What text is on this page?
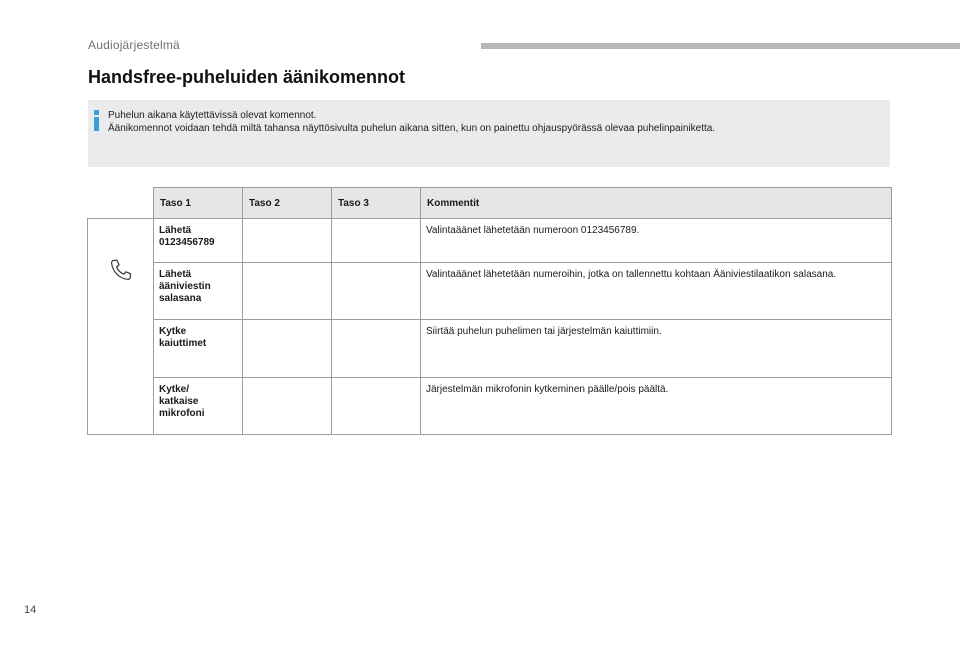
Audiojärjestelmä
Handsfree-puheluiden äänikomennot
Puhelun aikana käytettävissä olevat komennot.
Äänikomennot voidaan tehdä miltä tahansa näyttösivulta puhelun aikana sitten, kun on painettu ohjauspyörässä olevaa puhelinpainiketta.
	Taso 1	Taso 2	Taso 3	Kommentit

Lähetä
0123456789			Valintaäänet lähetetään numeroon 0123456789.

	Lähetä
ääniviestin
salasana			Valintaäänet lähetetään numeroihin, jotka on tallennettu kohtaan Ääniviestilaatikon salasana.

	Kytke
kaiuttimet			Siirtää puhelun puhelimen tai järjestelmän kaiuttimiin.

	Kytke/
katkaise
mikrofoni			Järjestelmän mikrofonin kytkeminen päälle/pois päältä.
14
